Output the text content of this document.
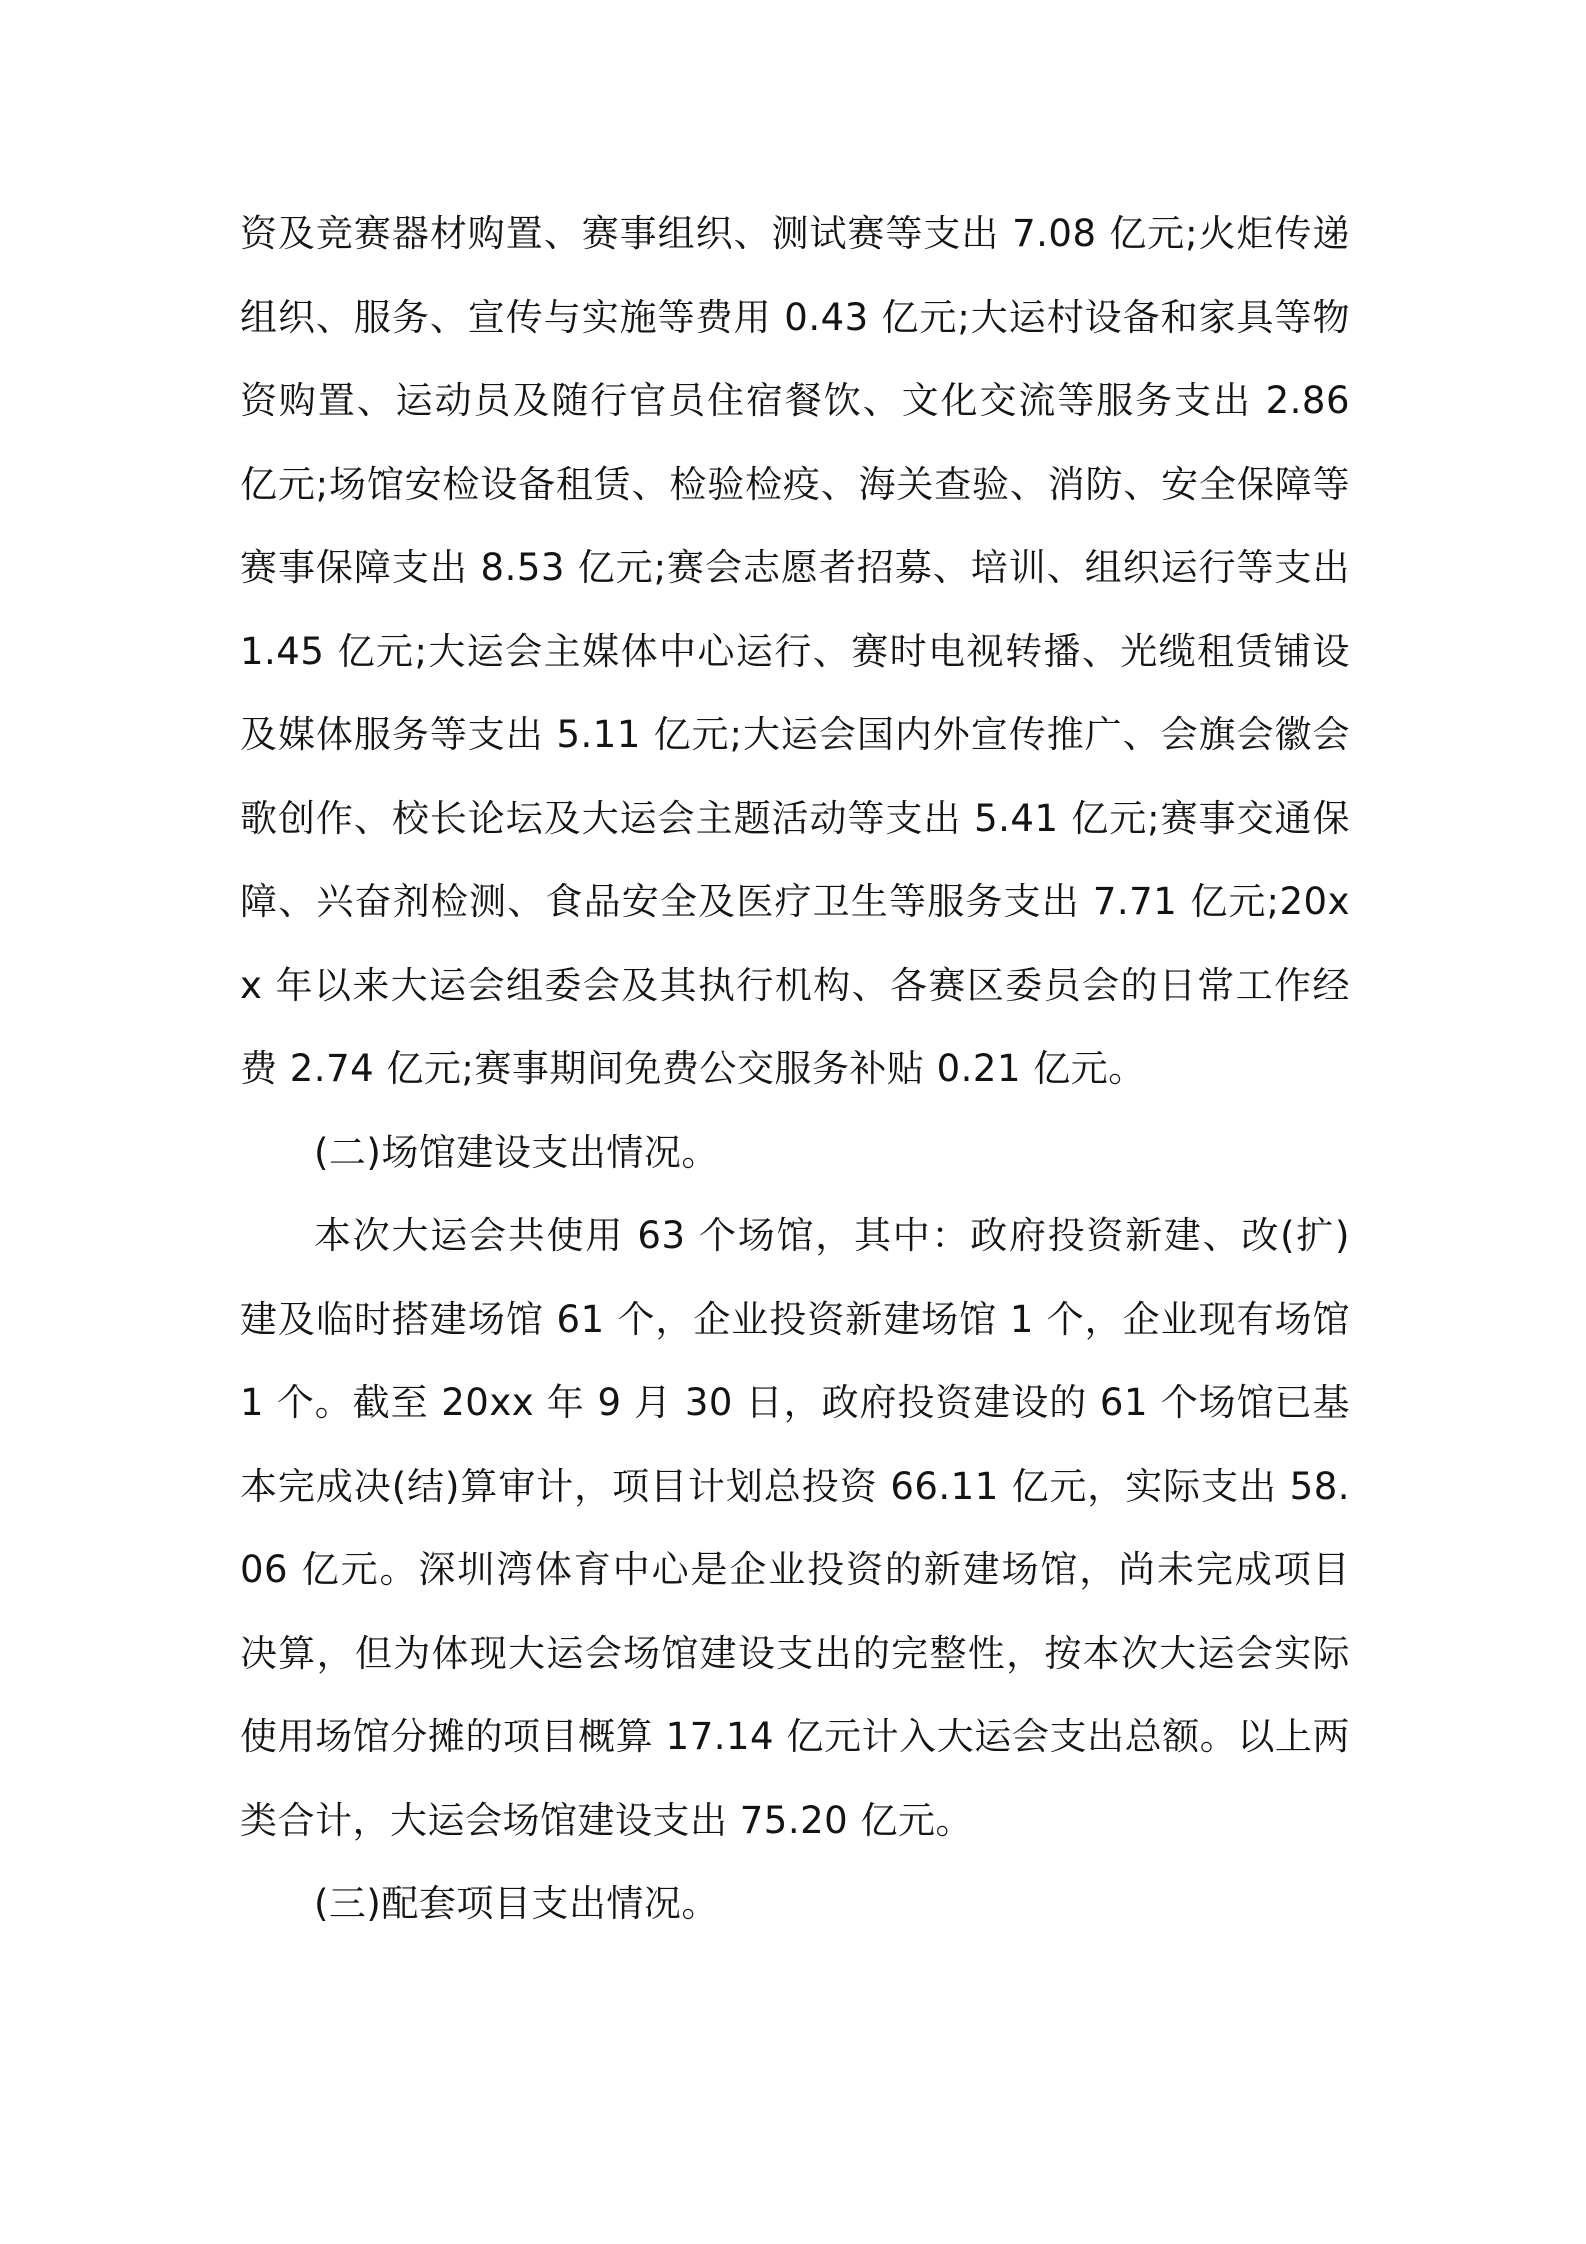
资及竞赛器材购置、赛事组织、测试赛等支出 7.08 亿元;火炬传递组织、服务、宣传与实施等费用 0.43 亿元;大运村设备和家具等物资购置、运动员及随行官员住宿餐饮、文化交流等服务支出 2.86 亿元;场馆安检设备租赁、检验检疫、海关查验、消防、安全保障等赛事保障支出 8.53 亿元;赛会志愿者招募、培训、组织运行等支出 1.45 亿元;大运会主媒体中心运行、赛时电视转播、光缆租赁铺设及媒体服务等支出 5.11 亿元;大运会国内外宣传推广、会旗会徽会歌创作、校长论坛及大运会主题活动等支出 5.41 亿元;赛事交通保障、兴奋剂检测、食品安全及医疗卫生等服务支出 7.71 亿元;20xx 年以来大运会组委会及其执行机构、各赛区委员会的日常工作经费 2.74 亿元;赛事期间免费公交服务补贴 0.21 亿元。

(二)场馆建设支出情况。

本次大运会共使用 63 个场馆，其中：政府投资新建、改(扩)建及临时搭建场馆 61 个，企业投资新建场馆 1 个，企业现有场馆 1 个。截至 20xx 年 9 月 30 日，政府投资建设的 61 个场馆已基本完成决(结)算审计，项目计划总投资 66.11 亿元，实际支出 58.06 亿元。深圳湾体育中心是企业投资的新建场馆，尚未完成项目决算，但为体现大运会场馆建设支出的完整性，按本次大运会实际使用场馆分摊的项目概算 17.14 亿元计入大运会支出总额。以上两类合计，大运会场馆建设支出 75.20 亿元。

(三)配套项目支出情况。
